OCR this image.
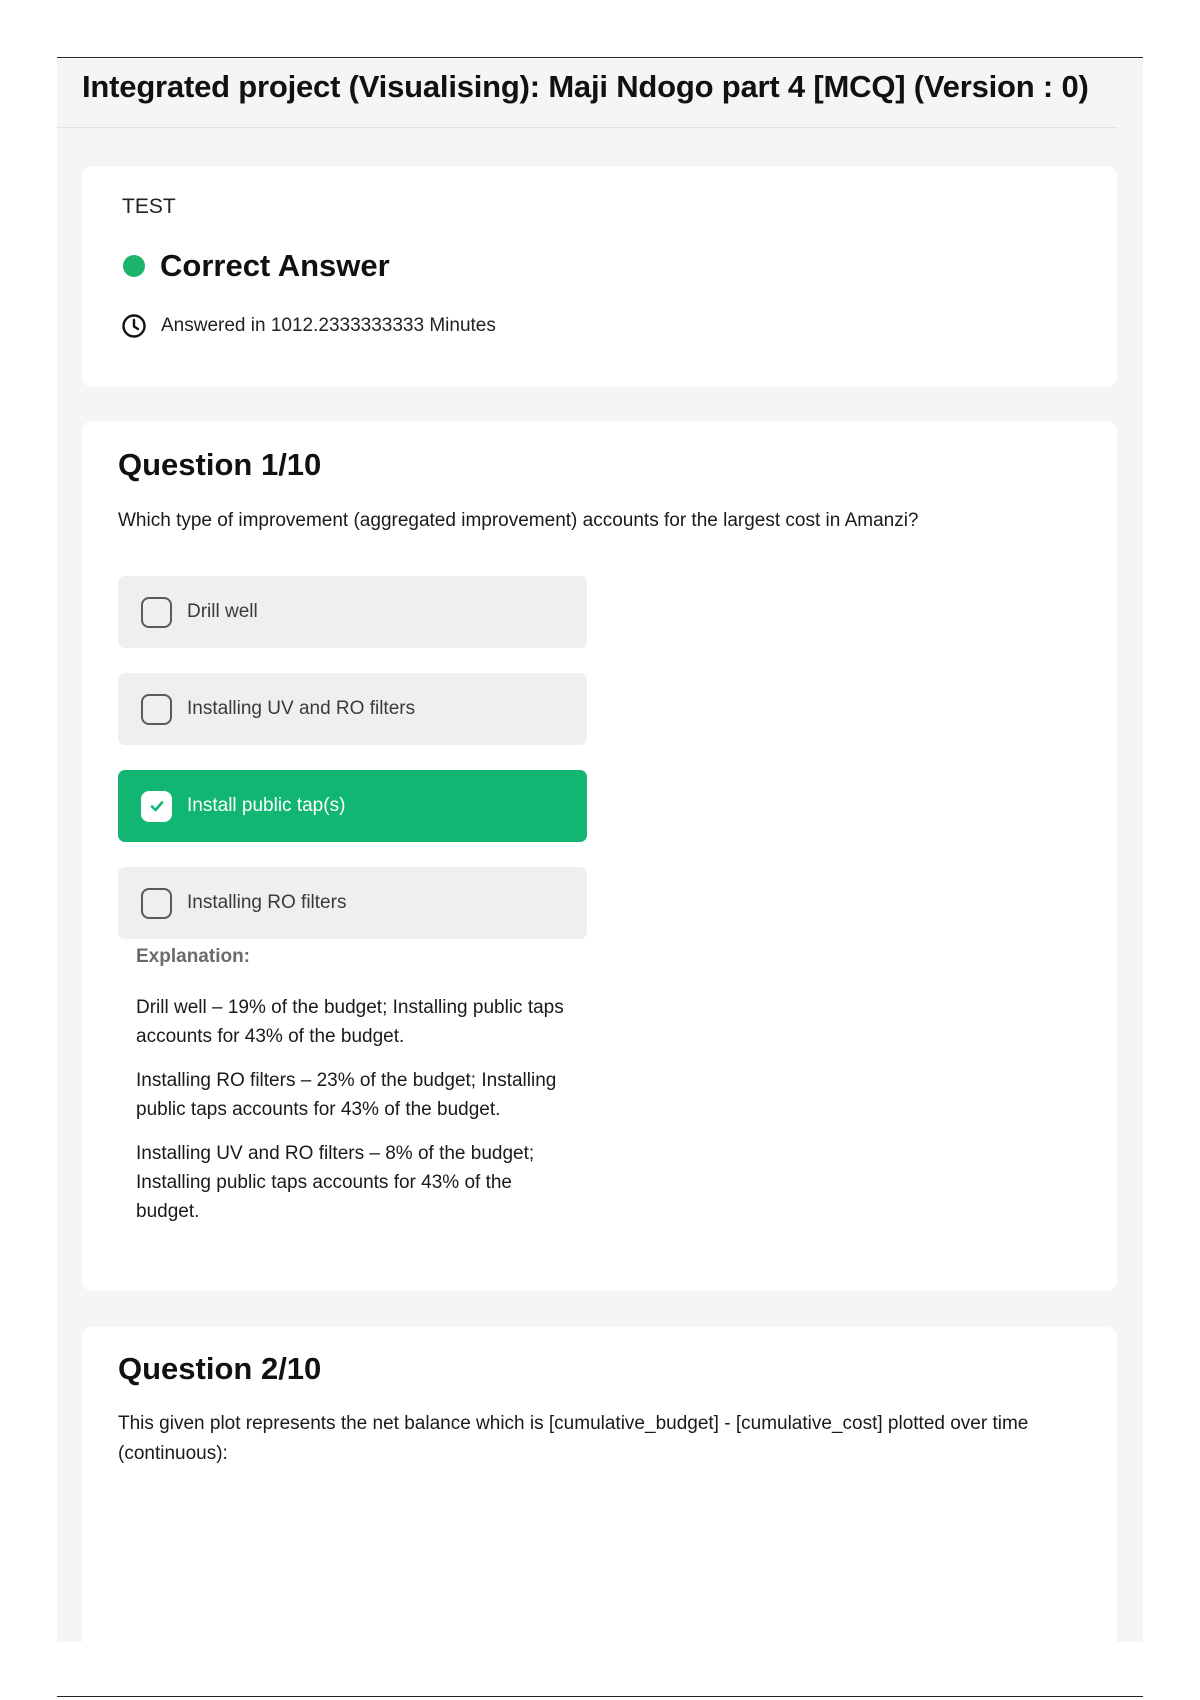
Integrated project (Visualising): Maji Ndogo part 4 [MCQ] (Version : 0)
TEST
Correct Answer
Answered in 1012.2333333333 Minutes
Question 1/10
Which type of improvement (aggregated improvement) accounts for the largest cost in Amanzi?
Drill well
Installing UV and RO filters
Install public tap(s)
Installing RO filters
Explanation:
Drill well – 19% of the budget; Installing public taps accounts for 43% of the budget.
Installing RO filters – 23% of the budget; Installing public taps accounts for 43% of the budget.
Installing UV and RO filters – 8% of the budget; Installing public taps accounts for 43% of the budget.
Question 2/10
This given plot represents the net balance which is [cumulative_budget] - [cumulative_cost] plotted over time (continuous):
